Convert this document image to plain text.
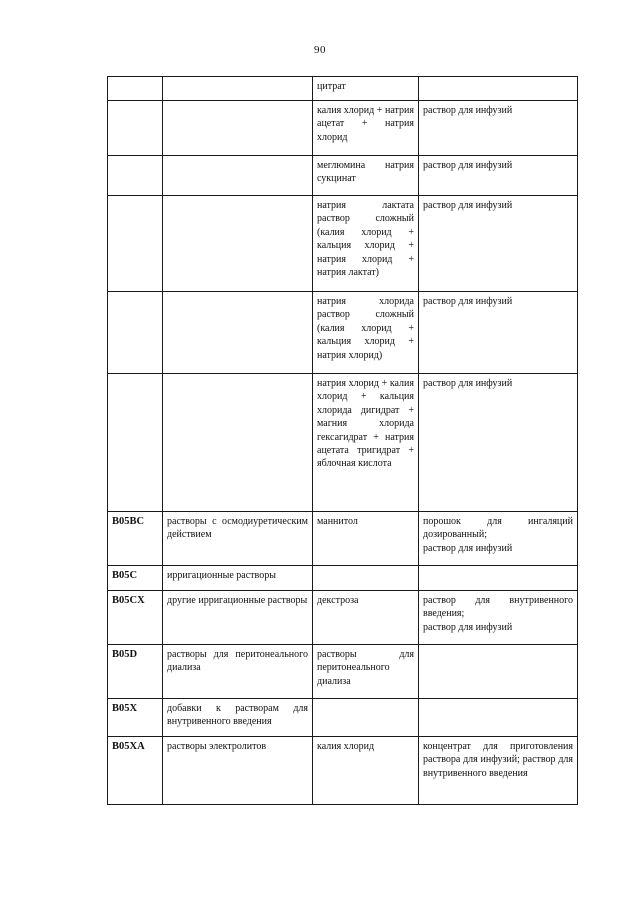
90
		цитрат	
		калия хлорид + натрия ацетат + натрия хлорид	раствор для инфузий
		меглюмина натрия сукцинат	раствор для инфузий
		натрия лактата раствор сложный (калия хлорид + кальция хлорид + натрия хлорид + натрия лактат)	раствор для инфузий
		натрия хлорида раствор сложный (калия хлорид + кальция хлорид + натрия хлорид)	раствор для инфузий
		натрия хлорид + калия хлорид + кальция хлорида дигидрат + магния хлорида гексагидрат + натрия ацетата тригидрат + яблочная кислота	раствор для инфузий
B05BC	растворы с осмодиуретическим действием	маннитол	порошок для ингаляций дозированный;
раствор для инфузий
B05C	ирригационные растворы		
B05CX	другие ирригационные растворы	декстроза	раствор для внутривенного введения;
раствор для инфузий
B05D	растворы для перитонеального диализа	растворы для перитонеального диализа	
B05X	добавки к растворам для внутривенного введения		
B05XA	растворы электролитов	калия хлорид	концентрат для приготовления раствора для инфузий; раствор для внутривенного введения
